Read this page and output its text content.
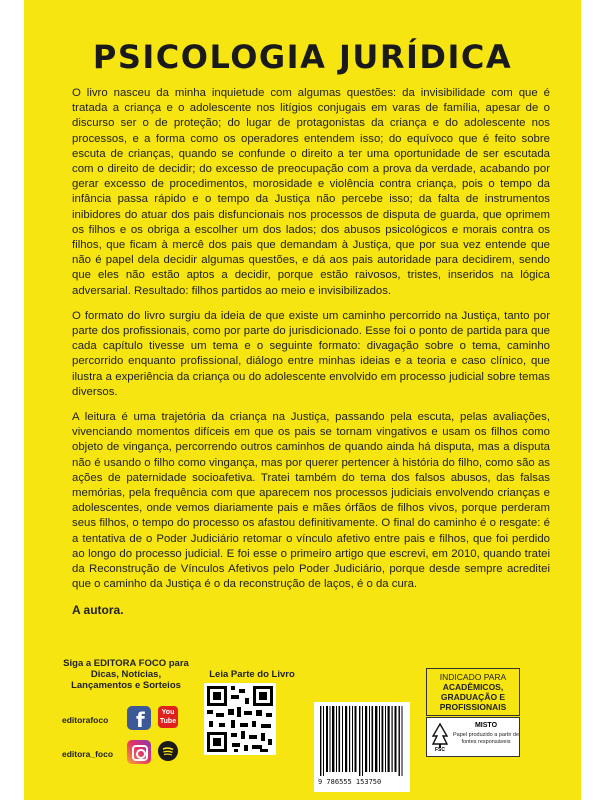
PSICOLOGIA JURÍDICA

O livro nasceu da minha inquietude com algumas questões: da invisibilidade com que é tratada a criança e o adolescente nos litígios conjugais em varas de família, apesar de o discurso ser o de proteção; do lugar de protagonistas da criança e do adolescente nos processos, e a forma como os operadores entendem isso; do equívoco que é feito sobre escuta de crianças, quando se confunde o direito a ter uma oportunidade de ser escutada com o direito de decidir; do excesso de preocupação com a prova da verdade, acabando por gerar excesso de procedimentos, morosidade e violência contra criança, pois o tempo da infância passa rápido e o tempo da Justiça não percebe isso; da falta de instrumentos inibidores do atuar dos pais disfuncionais nos processos de disputa de guarda, que oprimem os filhos e os obriga a escolher um dos lados; dos abusos psicológicos e morais contra os filhos, que ficam à mercê dos pais que demandam à Justiça, que por sua vez entende que não é papel dela decidir algumas questões, e dá aos pais autoridade para decidirem, sendo que eles não estão aptos a decidir, porque estão raivosos, tristes, inseridos na lógica adversarial. Resultado: filhos partidos ao meio e invisibilizados.

O formato do livro surgiu da ideia de que existe um caminho percorrido na Justiça, tanto por parte dos profissionais, como por parte do jurisdicionado. Esse foi o ponto de partida para que cada capítulo tivesse um tema e o seguinte formato: divagação sobre o tema, caminho percorrido enquanto profissional, diálogo entre minhas ideias e a teoria e caso clínico, que ilustra a experiência da criança ou do adolescente envolvido em processo judicial sobre temas diversos.

A leitura é uma trajetória da criança na Justiça, passando pela escuta, pelas avaliações, vivenciando momentos difíceis em que os pais se tornam vingativos e usam os filhos como objeto de vingança, percorrendo outros caminhos de quando ainda há disputa, mas a disputa não é usando o filho como vingança, mas por querer pertencer à história do filho, como são as ações de paternidade socioafetiva. Tratei também do tema dos falsos abusos, das falsas memórias, pela frequência com que aparecem nos processos judiciais envolvendo crianças e adolescentes, onde vemos diariamente pais e mães órfãos de filhos vivos, porque perderam seus filhos, o tempo do processo os afastou definitivamente. O final do caminho é o resgate: é a tentativa de o Poder Judiciário retomar o vínculo afetivo entre pais e filhos, que foi perdido ao longo do processo judicial. E foi esse o primeiro artigo que escrevi, em 2010, quando tratei da Reconstrução de Vínculos Afetivos pelo Poder Judiciário, porque desde sempre acreditei que o caminho da Justiça é o da reconstrução de laços, é o da cura.

A autora.

Siga a EDITORA FOCO para Dicas, Notícias, Lançamentos e Sorteios
editorafoco f	You Tube
editora_foco
Leia Parte do Livro
9 786555 153750
INDICADO PARA
ACADÊMICOS, GRADUAÇÃO E PROFISSIONAIS
FSC
MISTO
Papel produzido a partir de fontes responsáveis
